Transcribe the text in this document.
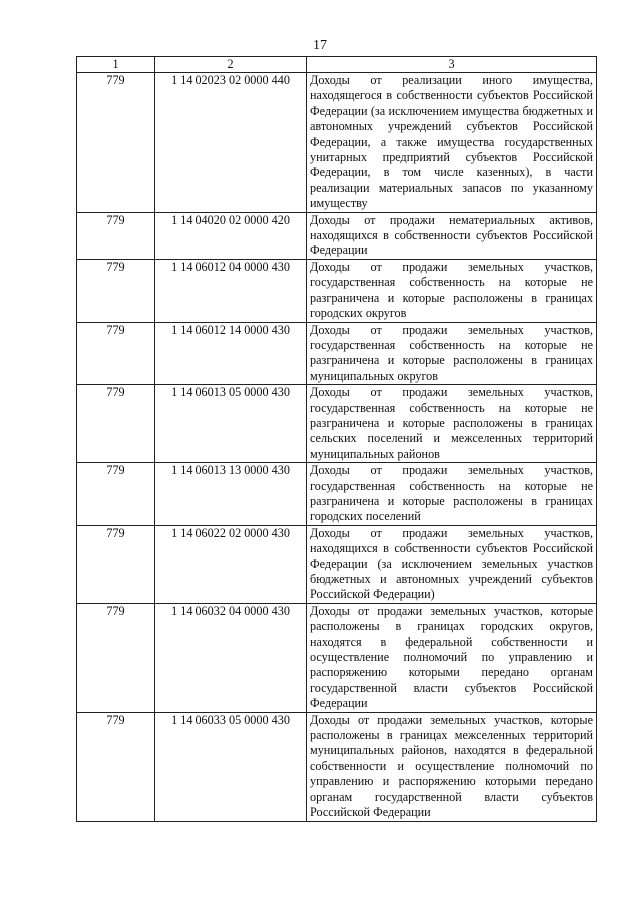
17
1	2	3
779	1 14 02023 02 0000 440	Доходы от реализации иного имущества, находящегося в собственности субъектов Российской Федерации (за исключением имущества бюджетных и автономных учреждений субъектов Российской Федерации, а также имущества государственных унитарных предприятий субъектов Российской Федерации, в том числе казенных), в части реализации материальных запасов по указанному имуществу
779	1 14 04020 02 0000 420	Доходы от продажи нематериальных активов, находящихся в собственности субъектов Российской Федерации
779	1 14 06012 04 0000 430	Доходы от продажи земельных участков, государственная собственность на которые не разграничена и которые расположены в границах городских округов
779	1 14 06012 14 0000 430	Доходы от продажи земельных участков, государственная собственность на которые не разграничена и которые расположены в границах муниципальных округов
779	1 14 06013 05 0000 430	Доходы от продажи земельных участков, государственная собственность на которые не разграничена и которые расположены в границах сельских поселений и межселенных территорий муниципальных районов
779	1 14 06013 13 0000 430	Доходы от продажи земельных участков, государственная собственность на которые не разграничена и которые расположены в границах городских поселений
779	1 14 06022 02 0000 430	Доходы от продажи земельных участков, находящихся в собственности субъектов Российской Федерации (за исключением земельных участков бюджетных и автономных учреждений субъектов Российской Федерации)
779	1 14 06032 04 0000 430	Доходы от продажи земельных участков, которые расположены в границах городских округов, находятся в федеральной собственности и осуществление полномочий по управлению и распоряжению которыми передано органам государственной власти субъектов Российской Федерации
779	1 14 06033 05 0000 430	Доходы от продажи земельных участков, которые расположены в границах межселенных территорий муниципальных районов, находятся в федеральной собственности и осуществление полномочий по управлению и распоряжению которыми передано органам государственной власти субъектов Российской Федерации
